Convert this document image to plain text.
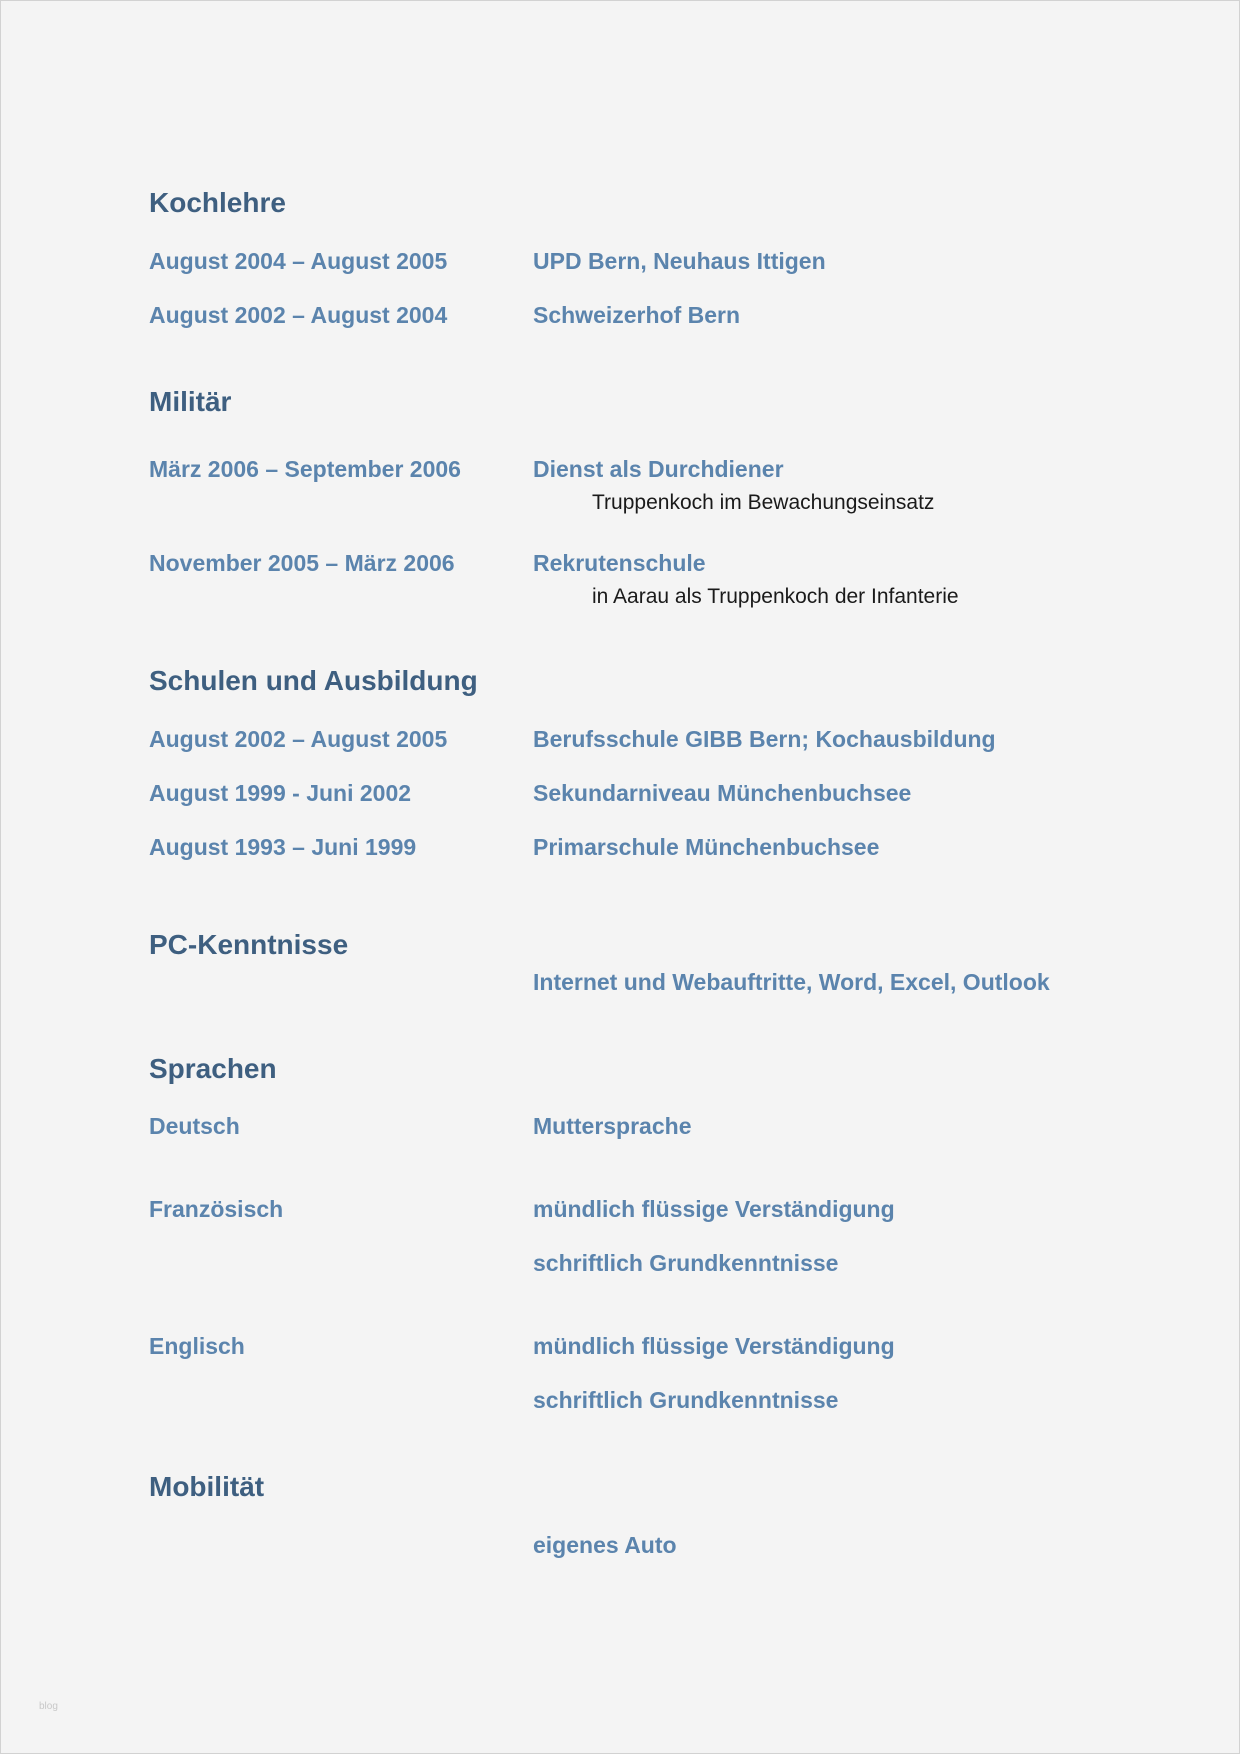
Kochlehre
August 2004 – August 2005	UPD Bern, Neuhaus Ittigen
August 2002 – August 2004	Schweizerhof Bern
Militär
März 2006 – September 2006	Dienst als Durchdiener
Truppenkoch im Bewachungseinsatz
November 2005 – März 2006	Rekrutenschule
in Aarau als Truppenkoch der Infanterie
Schulen und Ausbildung
August 2002 – August 2005	Berufsschule GIBB Bern; Kochausbildung
August 1999 - Juni 2002	Sekundarniveau Münchenbuchsee
August 1993 – Juni 1999	Primarschule Münchenbuchsee
PC-Kenntnisse
Internet und Webauftritte, Word, Excel, Outlook
Sprachen
Deutsch	Muttersprache
Französisch	mündlich flüssige Verständigung
schriftlich Grundkenntnisse
Englisch	mündlich flüssige Verständigung
schriftlich Grundkenntnisse
Mobilität
eigenes Auto
blog
